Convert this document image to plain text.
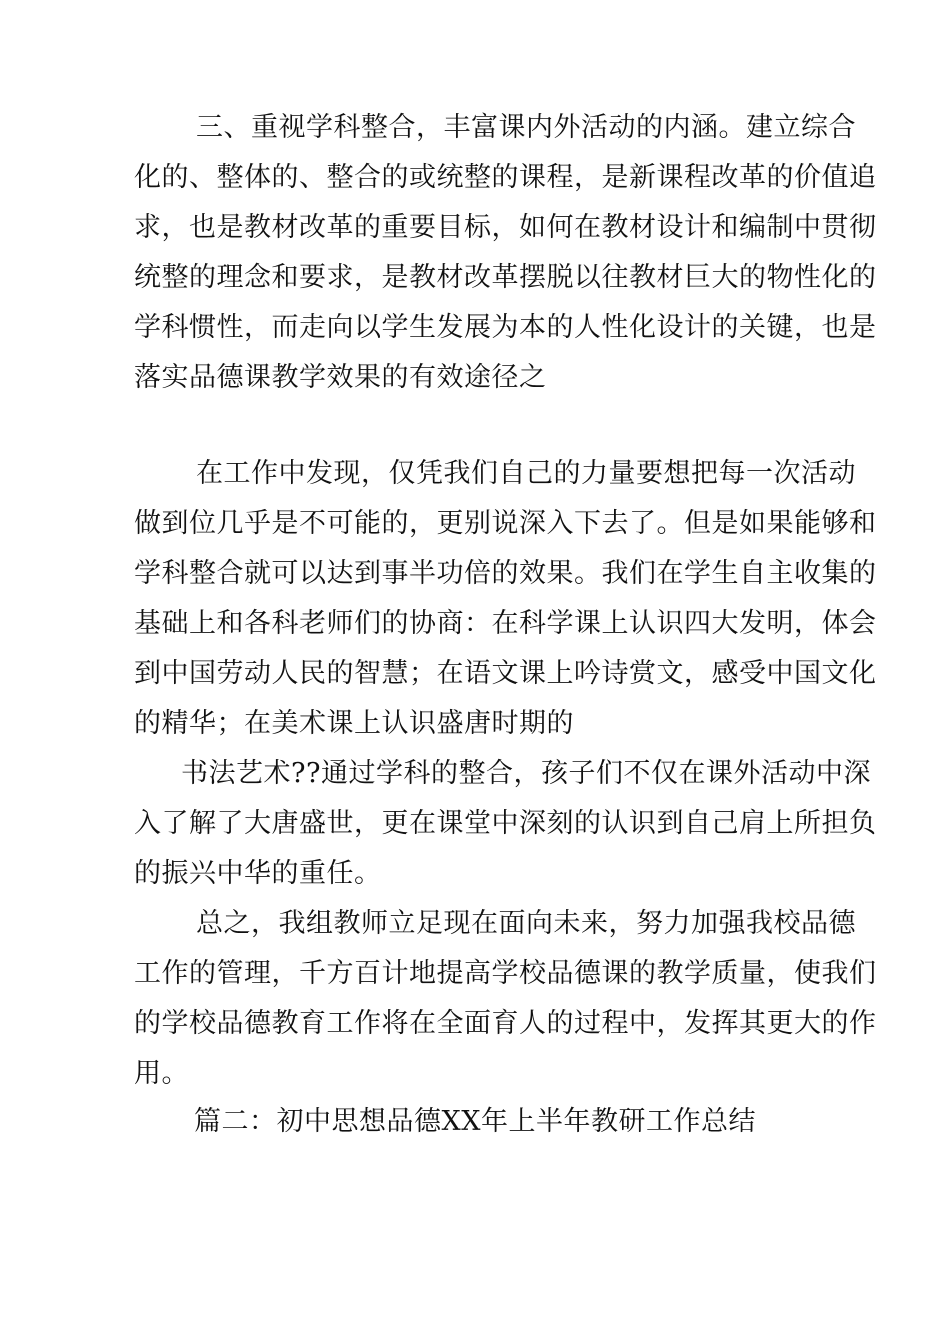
三、重视学科整合，丰富课内外活动的内涵。建立综合
化的、整体的、整合的或统整的课程，是新课程改革的价值追
求，也是教材改革的重要目标，如何在教材设计和编制中贯彻
统整的理念和要求，是教材改革摆脱以往教材巨大的物性化的
学科惯性，而走向以学生发展为本的人性化设计的关键，也是
落实品德课教学效果的有效途径之
在工作中发现，仅凭我们自己的力量要想把每一次活动
做到位几乎是不可能的，更别说深入下去了。但是如果能够和
学科整合就可以达到事半功倍的效果。我们在学生自主收集的
基础上和各科老师们的协商：在科学课上认识四大发明，体会
到中国劳动人民的智慧；在语文课上吟诗赏文，感受中国文化
的精华；在美术课上认识盛唐时期的
书法艺术??通过学科的整合，孩子们不仅在课外活动中深
入了解了大唐盛世，更在课堂中深刻的认识到自己肩上所担负
的振兴中华的重任。
总之，我组教师立足现在面向未来，努力加强我校品德
工作的管理，千方百计地提高学校品德课的教学质量，使我们
的学校品德教育工作将在全面育人的过程中，发挥其更大的作
用。
篇二：初中思想品德XX年上半年教研工作总结
